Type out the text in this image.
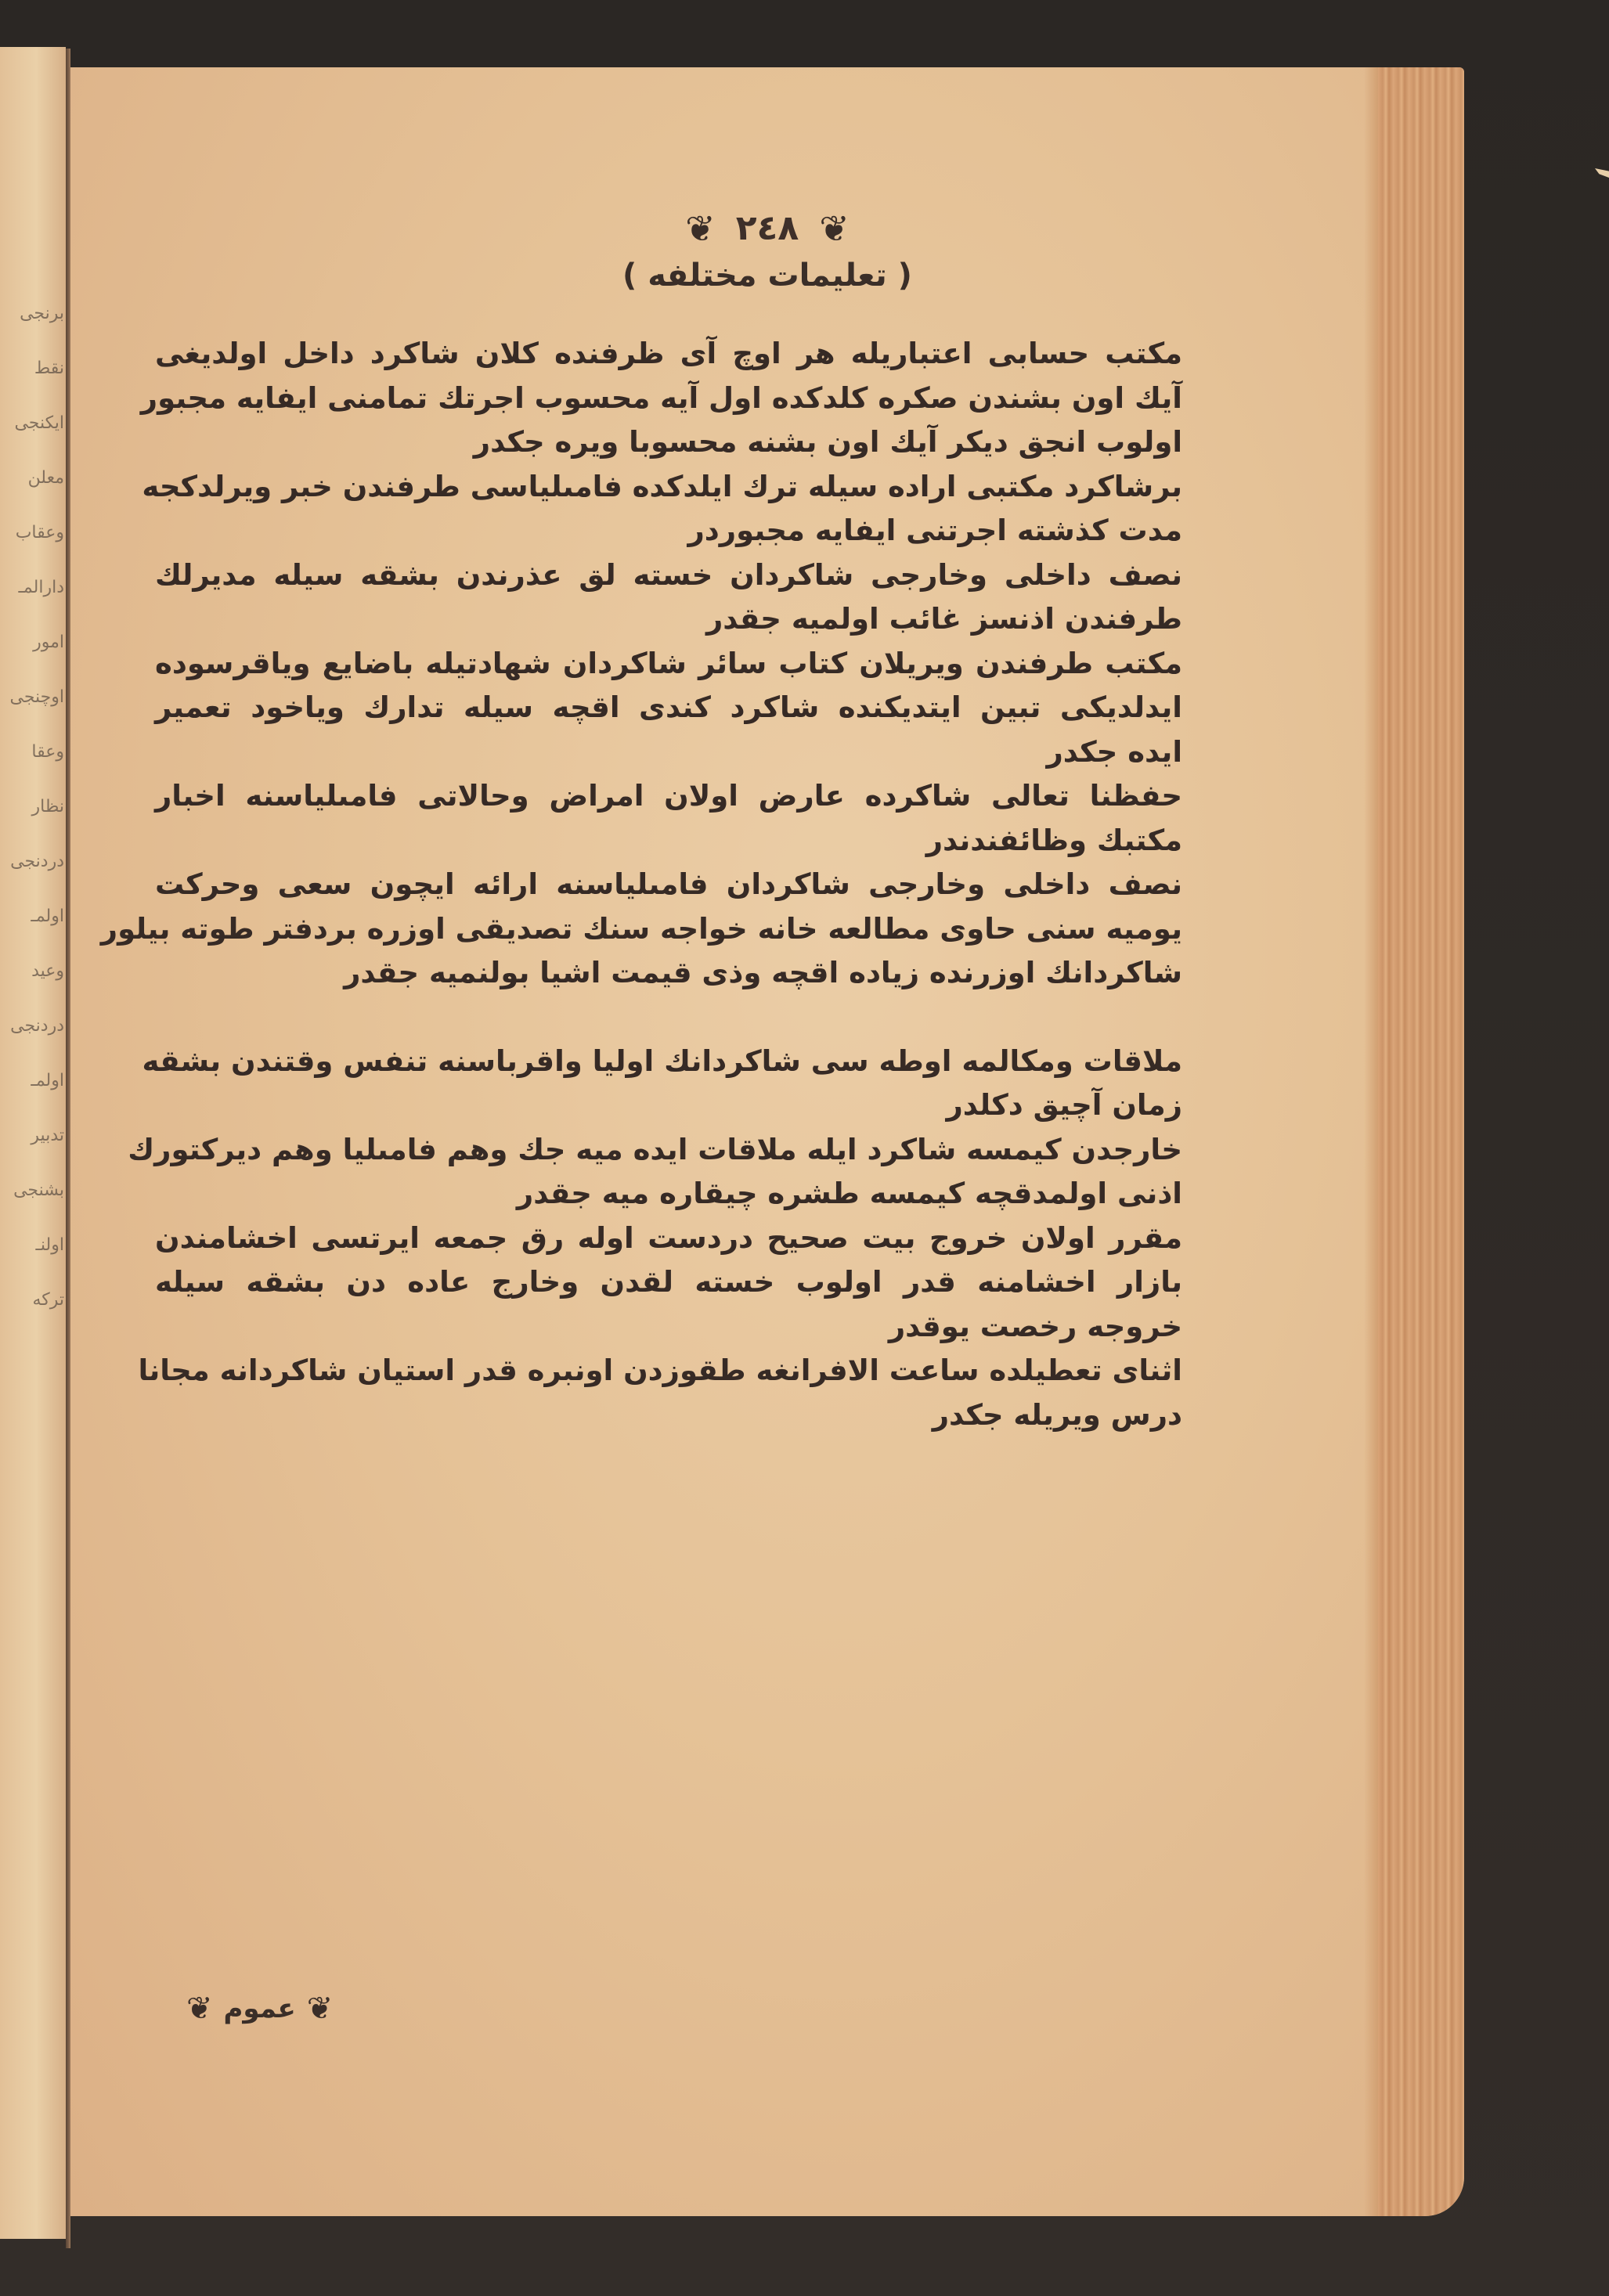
برنجى
نقط
ايكنجى
معلن
وعقاب
دارالمـ
امور
اوچنجى
وعقا
نظار
دردنجى
اولمـ
وعيد
دردنجى
اولمـ
تدبير
بشنجى
اولنـ
تركه
❦ ٢٤٨ ❦
( تعليمات مختلفه )
مكتب حسابى اعتباريله هر اوچ آى ظرفنده كلان شاكرد داخل اولديغى
آيك اون بشندن صكره كلدكده اول آيه محسوب اجرتك تمامنى ايفايه مجبور
اولوب انجق ديكر آيك اون بشنه محسوبا ويره جكدر
برشاكرد مكتبى اراده سيله ترك ايلدكده فامىلياسى طرفندن خبر ويرلدكجه
مدت كذشته اجرتنى ايفايه مجبوردر
نصف داخلى وخارجى شاكردان خسته لق عذرندن بشقه سيله مديرلك
طرفندن اذنسز غائب اولميه جقدر
مكتب طرفندن ويريلان كتاب سائر شاكردان شهادتيله باضايع وياقرسوده
ايدلديكى تبين ايتديكنده شاكرد كندى اقچه سيله تدارك وياخود تعمير
ايده جكدر
حفظنا تعالى شاكرده عارض اولان امراض وحالاتى فامىلياسنه اخبار
مكتبك وظائفندندر
نصف داخلى وخارجى شاكردان فامىلياسنه ارائه ايچون سعى وحركت
يوميه سنى حاوى مطالعه خانه خواجه سنك تصديقى اوزره بردفتر طوته بيلور
شاكردانك اوزرنده زياده اقچه وذى قيمت اشيا بولنميه جقدر
ملاقات ومكالمه اوطه سى شاكردانك اوليا واقرباسنه تنفس وقتندن بشقه
زمان آچيق دكلدر
خارجدن كيمسه شاكرد ايله ملاقات ايده ميه جك وهم فامىليا وهم ديركتورك
اذنى اولمدقچه كيمسه طشره چيقاره ميه جقدر
مقرر اولان خروج بيت صحيح دردست اوله رق جمعه ايرتسى اخشامندن
بازار اخشامنه قدر اولوب خسته لقدن وخارج عاده دن بشقه سيله
خروجه رخصت يوقدر
اثناى تعطيلده ساعت الافرانغه طقوزدن اونبره قدر استيان شاكردانه مجانا
درس ويريله جكدر
❦ عموم ❦
